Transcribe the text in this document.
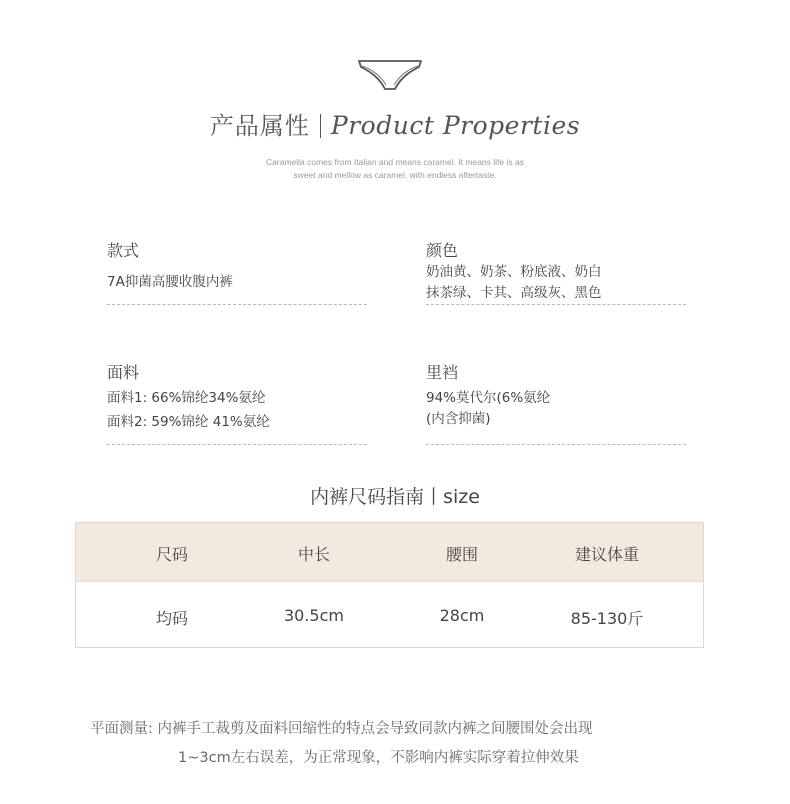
产品属性 Product Properties
Caramella comes from Italian and means caramel. It means life is as
sweet and mellow as caramel, with endless aftertaste.
款式
7A抑菌高腰收腹内裤
颜色
奶油黄、奶茶、粉底液、奶白
抹茶绿、卡其、高级灰、黑色
面料
面料1: 66%锦纶34%氨纶
面料2: 59%锦纶 41%氨纶
里裆
94%莫代尔(6%氨纶
(内含抑菌)
内裤尺码指南丨size
尺码	中长	腰围	建议体重
均码	30.5cm	28cm	85-130斤
平面测量: 内裤手工裁剪及面料回缩性的特点会导致同款内裤之间腰围处会出现
1~3cm左右误差，为正常现象，不影响内裤实际穿着拉伸效果
